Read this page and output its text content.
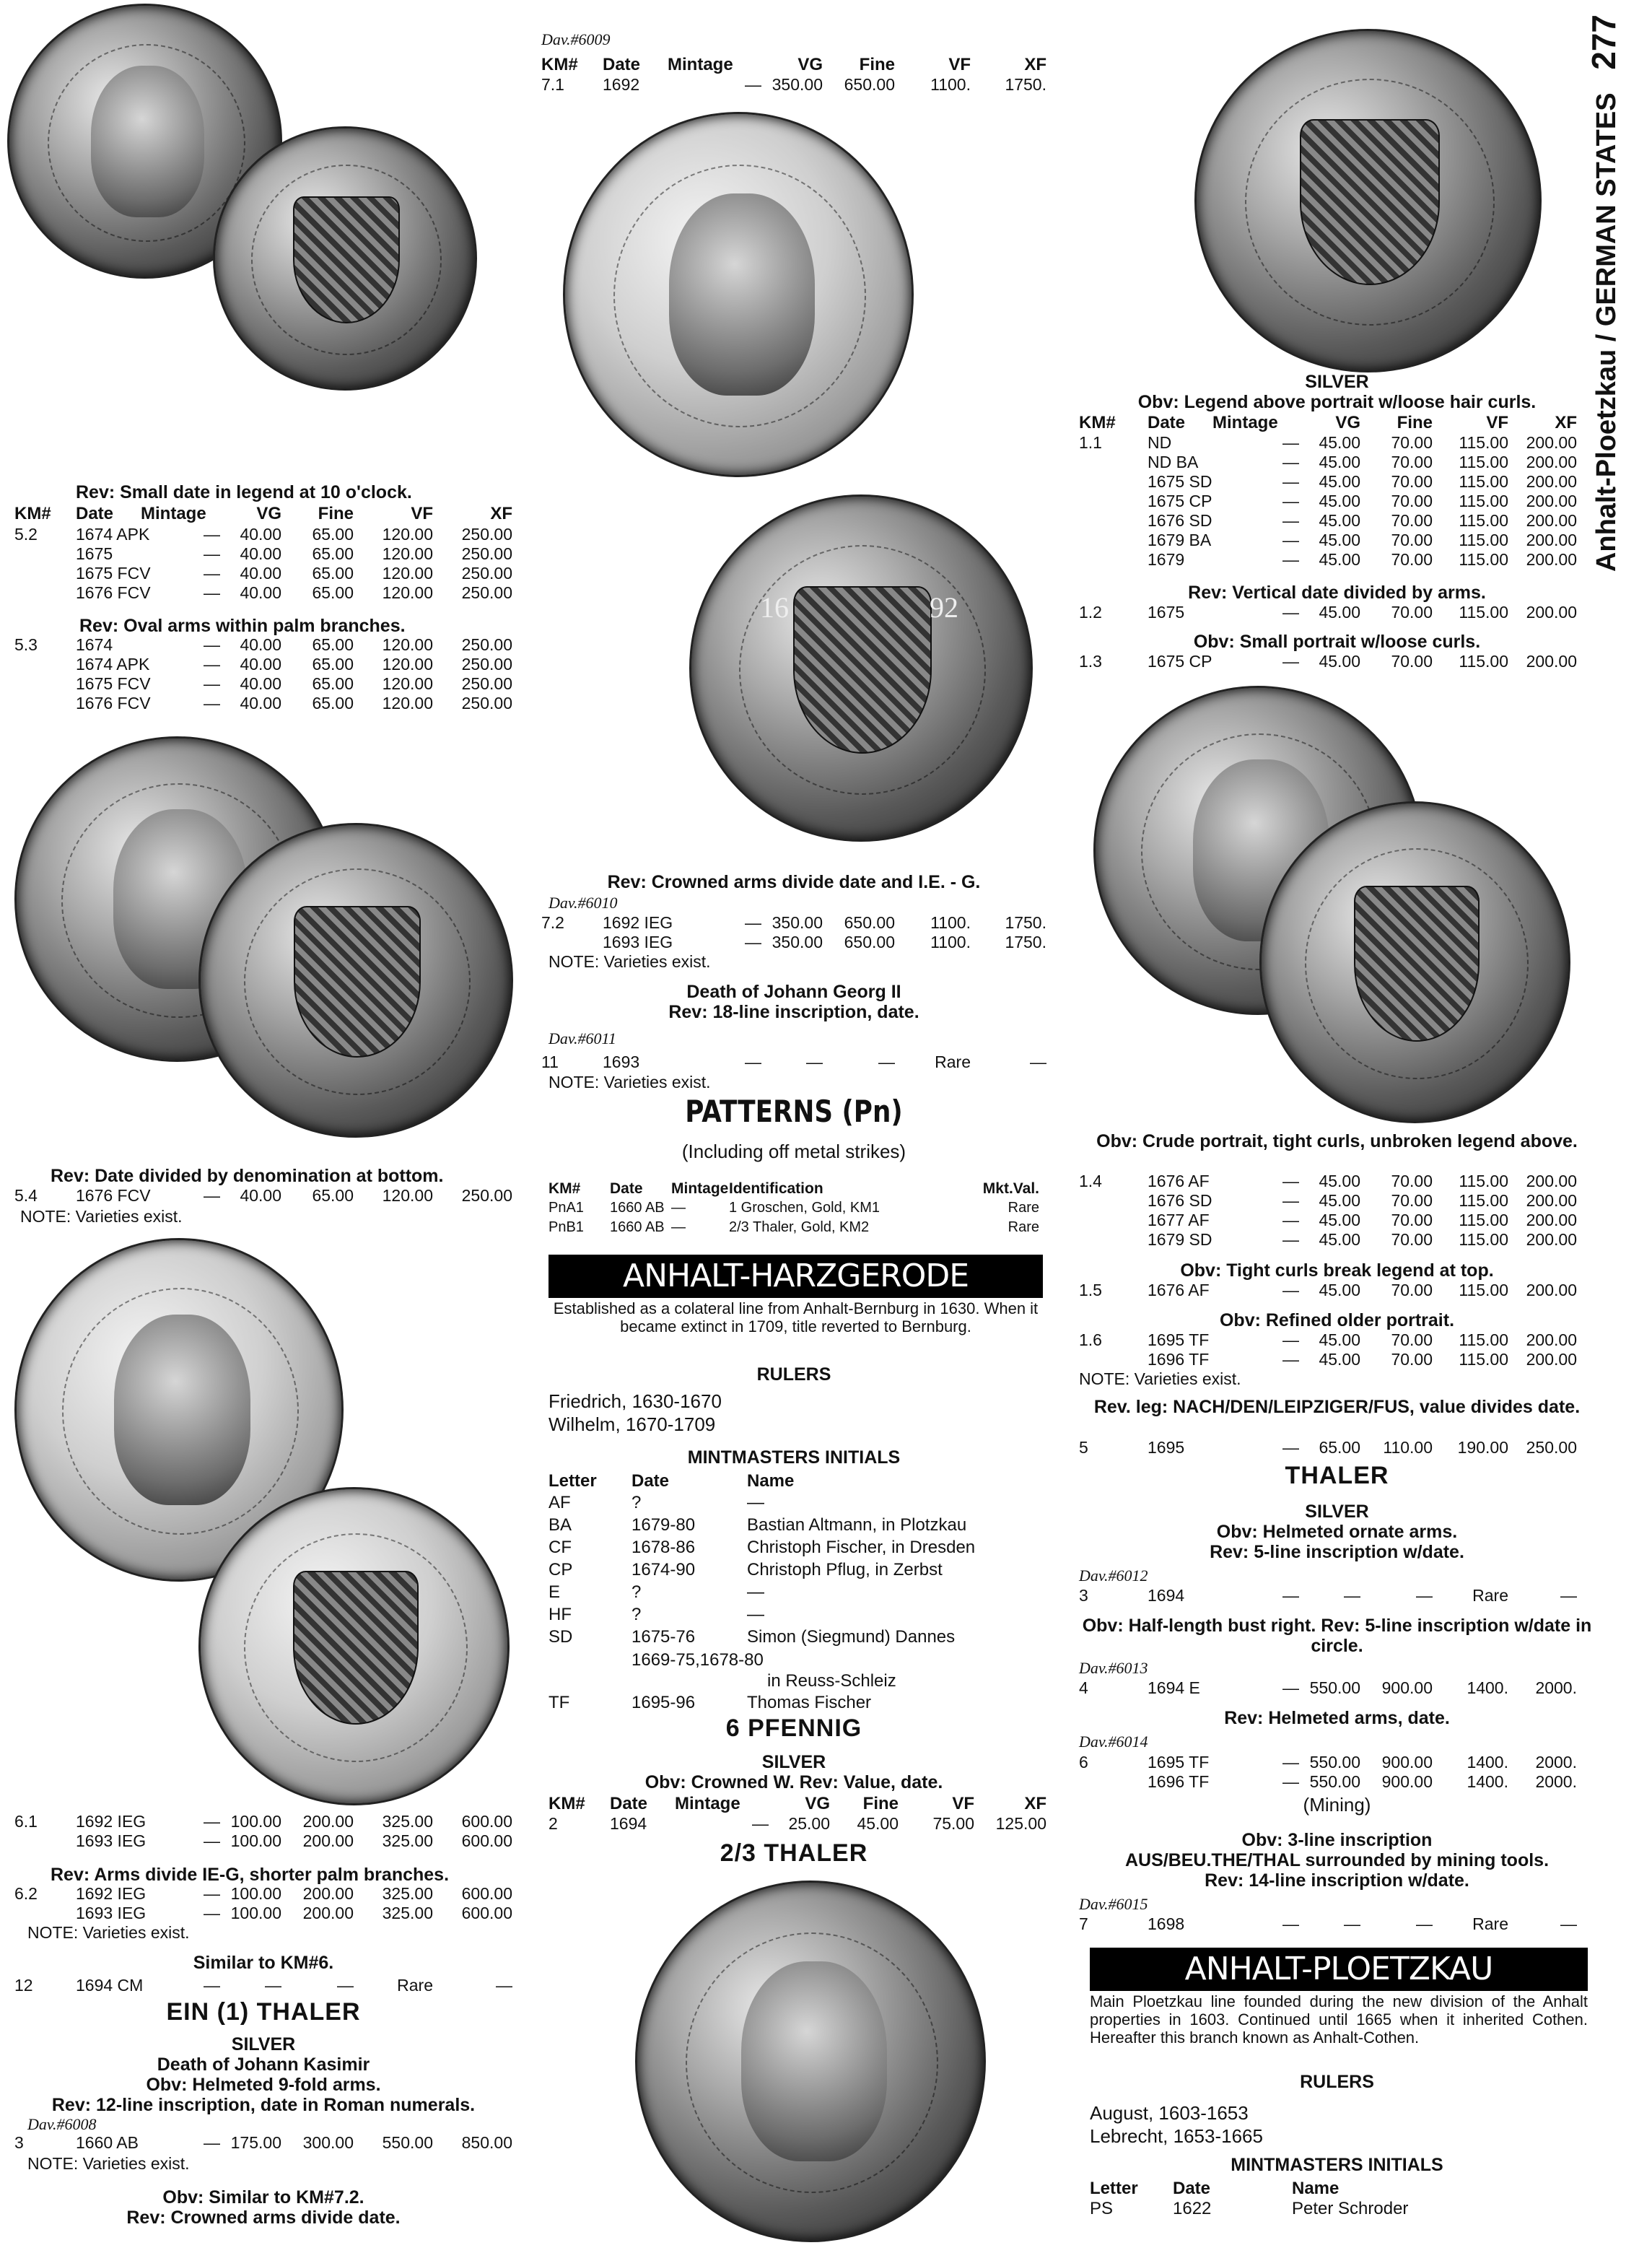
Anhalt-Ploetzkau / GERMAN STATES   277
Rev: Small date in legend at 10 o'clock.
KM#	Date	Mintage	VG	Fine	VF	XF
5.2	1674 APK	—	40.00	65.00	120.00	250.00
1675	—	40.00	65.00	120.00	250.00
1675 FCV	—	40.00	65.00	120.00	250.00
1676 FCV	—	40.00	65.00	120.00	250.00
Rev: Oval arms within palm branches.
5.3	1674	—	40.00	65.00	120.00	250.00
1674 APK	—	40.00	65.00	120.00	250.00
1675 FCV	—	40.00	65.00	120.00	250.00
1676 FCV	—	40.00	65.00	120.00	250.00
Rev: Date divided by denomination at bottom.
5.4	1676 FCV	—	40.00	65.00	120.00	250.00
NOTE: Varieties exist.
6.1	1692 IEG	— 100.00	200.00	325.00	600.00
1693 IEG	— 100.00	200.00	325.00	600.00
Rev: Arms divide IE-G, shorter palm branches.
6.2	1692 IEG	— 100.00	200.00	325.00	600.00
1693 IEG	— 100.00	200.00	325.00	600.00
NOTE: Varieties exist.
Similar to KM#6.
12	1694 CM	—	—	—	Rare	—
EIN (1) THALER
SILVER
Death of Johann Kasimir
Obv: Helmeted 9-fold arms.
Rev: 12-line inscription, date in Roman numerals.
Dav.#6008
3	1660 AB	— 175.00	300.00	550.00	850.00
NOTE: Varieties exist.
Obv: Similar to KM#7.2.
Rev: Crowned arms divide date.
Dav.#6009
KM#	Date	Mintage	VG	Fine	VF	XF
7.1	1692	— 350.00	650.00	1100.	1750.
16	92
Rev: Crowned arms divide date and I.E. - G.
Dav.#6010
7.2	1692 IEG	— 350.00	650.00	1100.	1750.
1693 IEG	— 350.00	650.00	1100.	1750.
NOTE: Varieties exist.
Death of Johann Georg II
Rev: 18-line inscription, date.
Dav.#6011
11	1693	—	—	—	Rare	—
NOTE: Varieties exist.
PATTERNS (Pn)
(Including off metal strikes)
KM#	Date	Mintage Identification	Mkt.Val.
PnA1	1660 AB —	1 Groschen, Gold, KM1	Rare
PnB1	1660 AB —	2/3 Thaler, Gold, KM2	Rare
ANHALT-HARZGERODE
Established as a colateral line from Anhalt-Bernburg in 1630. When it became extinct in 1709, title reverted to Bernburg.
RULERS
Friedrich, 1630-1670
Wilhelm, 1670-1709
MINTMASTERS INITIALS
Letter	Date	Name
AF	?	—
BA	1679-80	Bastian Altmann, in Plotzkau
CF	1678-86	Christoph Fischer, in Dresden
CP	1674-90	Christoph Pflug, in Zerbst
E	?	—
HF	?	—
SD	1675-76	Simon (Siegmund) Dannes
1669-75,1678-80
in Reuss-Schleiz
TF	1695-96	Thomas Fischer
6 PFENNIG
SILVER
Obv: Crowned W. Rev: Value, date.
KM#	Date	Mintage	VG	Fine	VF	XF
2	1694	—	25.00	45.00	75.00	125.00
2/3 THALER
SILVER
Obv: Legend above portrait w/loose hair curls.
KM#	Date	Mintage	VG	Fine	VF	XF
1.1	ND	—	45.00	70.00	115.00	200.00
ND BA	—	45.00	70.00	115.00	200.00
1675 SD	—	45.00	70.00	115.00	200.00
1675 CP	—	45.00	70.00	115.00	200.00
1676 SD	—	45.00	70.00	115.00	200.00
1679 BA	—	45.00	70.00	115.00	200.00
1679	—	45.00	70.00	115.00	200.00
Rev: Vertical date divided by arms.
1.2	1675	—	45.00	70.00	115.00	200.00
Obv: Small portrait w/loose curls.
1.3	1675 CP	—	45.00	70.00	115.00	200.00
Obv: Crude portrait, tight curls, unbroken legend above.
1.4	1676 AF	—	45.00	70.00	115.00	200.00
1676 SD	—	45.00	70.00	115.00	200.00
1677 AF	—	45.00	70.00	115.00	200.00
1679 SD	—	45.00	70.00	115.00	200.00
Obv: Tight curls break legend at top.
1.5	1676 AF	—	45.00	70.00	115.00	200.00
Obv: Refined older portrait.
1.6	1695 TF	—	45.00	70.00	115.00	200.00
1696 TF	—	45.00	70.00	115.00	200.00
NOTE: Varieties exist.
Rev. leg: NACH/DEN/LEIPZIGER/FUS, value divides date.
5	1695	—	65.00	110.00	190.00	250.00
THALER
SILVER
Obv: Helmeted ornate arms.
Rev: 5-line inscription w/date.
Dav.#6012
3	1694	—	—	—	Rare	—
Obv: Half-length bust right. Rev: 5-line inscription w/date in circle.
Dav.#6013
4	1694 E	— 550.00	900.00	1400.	2000.
Rev: Helmeted arms, date.
Dav.#6014
6	1695 TF	— 550.00	900.00	1400.	2000.
1696 TF	— 550.00	900.00	1400.	2000.
(Mining)
Obv: 3-line inscription
AUS/BEU.THE/THAL surrounded by mining tools.
Rev: 14-line inscription w/date.
Dav.#6015
7	1698	—	—	—	Rare	—
ANHALT-PLOETZKAU
Main Ploetzkau line founded during the new division of the Anhalt properties in 1603. Continued until 1665 when it inherited Cothen. Hereafter this branch known as Anhalt-Cothen.
RULERS
August, 1603-1653
Lebrecht, 1653-1665
MINTMASTERS INITIALS
Letter	Date	Name
PS	1622	Peter Schroder
